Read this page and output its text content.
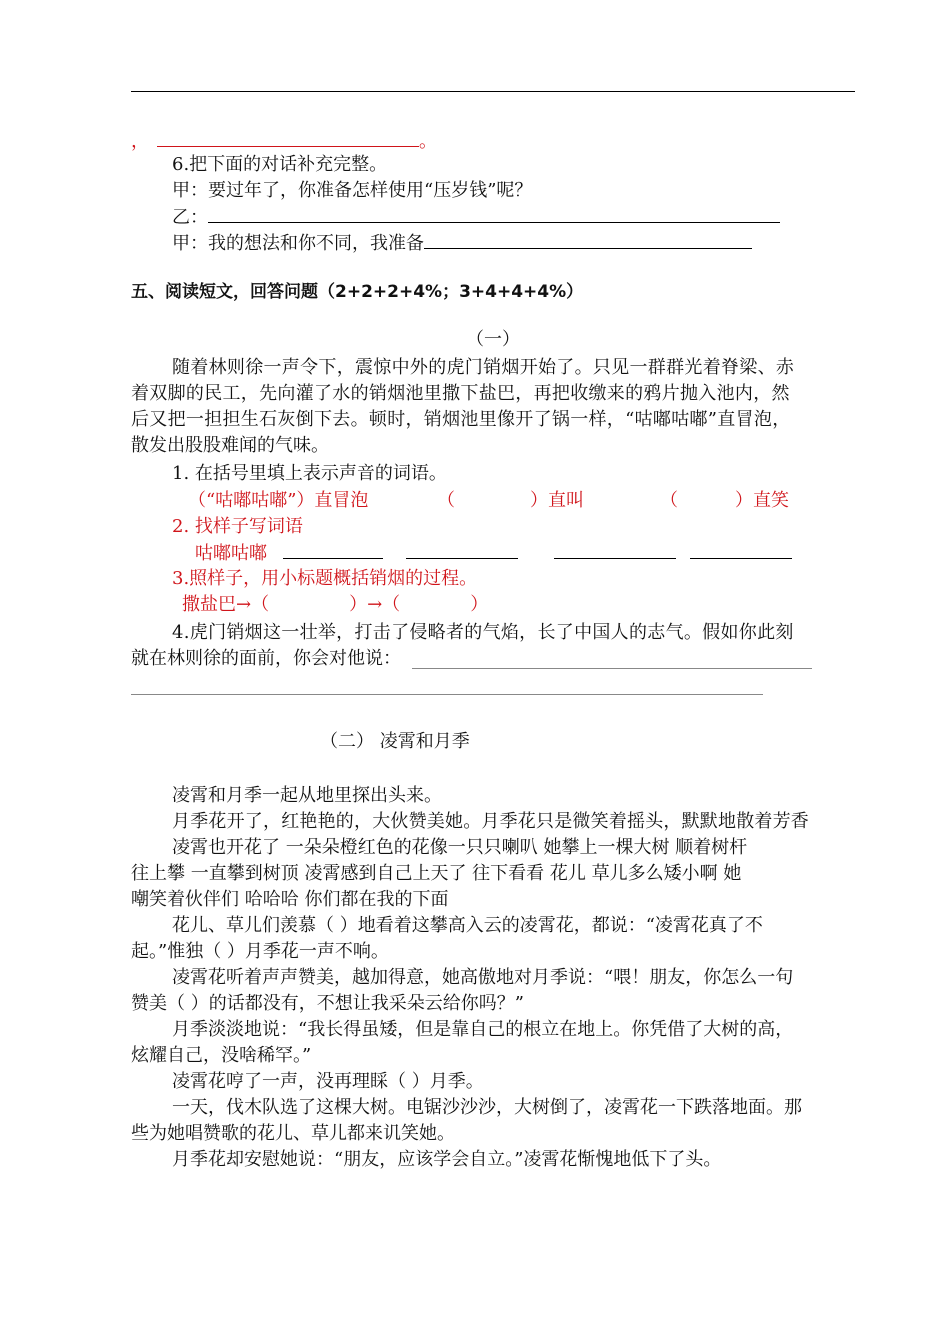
，	。
6.把下面的对话补充完整。
甲：要过年了，你准备怎样使用“压岁钱”呢？
乙：
甲：我的想法和你不同，我准备
五、阅读短文，回答问题（2+2+2+4%；3+4+4+4%）
（一）
随着林则徐一声令下，震惊中外的虎门销烟开始了。只见一群群光着脊梁、赤
着双脚的民工，先向灌了水的销烟池里撒下盐巴，再把收缴来的鸦片抛入池内，然
后又把一担担生石灰倒下去。顿时，销烟池里像开了锅一样，“咕嘟咕嘟”直冒泡，
散发出股股难闻的气味。
1. 在括号里填上表示声音的词语。
（“咕嘟咕嘟”）直冒泡	（	）直叫	（	）直笑
2. 找样子写词语
咕嘟咕嘟
3.照样子，用小标题概括销烟的过程。
撒盐巴→（	）→（	）
4.虎门销烟这一壮举，打击了侵略者的气焰，长了中国人的志气。假如你此刻
就在林则徐的面前，你会对他说：
（二） 凌霄和月季
凌霄和月季一起从地里探出头来。
月季花开了，红艳艳的，大伙赞美她。月季花只是微笑着摇头，默默地散着芳香
凌霄也开花了 一朵朵橙红色的花像一只只喇叭 她攀上一棵大树 顺着树杆
往上攀 一直攀到树顶 凌霄感到自己上天了 往下看看 花儿 草儿多么矮小啊 她
嘲笑着伙伴们 哈哈哈 你们都在我的下面
花儿、草儿们羡慕（ ）地看着这攀高入云的凌霄花，都说：“凌霄花真了不
起。”惟独（ ）月季花一声不响。
凌霄花听着声声赞美，越加得意，她高傲地对月季说：“喂！朋友，你怎么一句
赞美（ ）的话都没有，不想让我采朵云给你吗？”
月季淡淡地说：“我长得虽矮，但是靠自己的根立在地上。你凭借了大树的高，
炫耀自己，没啥稀罕。”
凌霄花哼了一声，没再理睬（ ）月季。
一天，伐木队选了这棵大树。电锯沙沙沙，大树倒了，凌霄花一下跌落地面。那
些为她唱赞歌的花儿、草儿都来讥笑她。
月季花却安慰她说：“朋友，应该学会自立。”凌霄花惭愧地低下了头。
